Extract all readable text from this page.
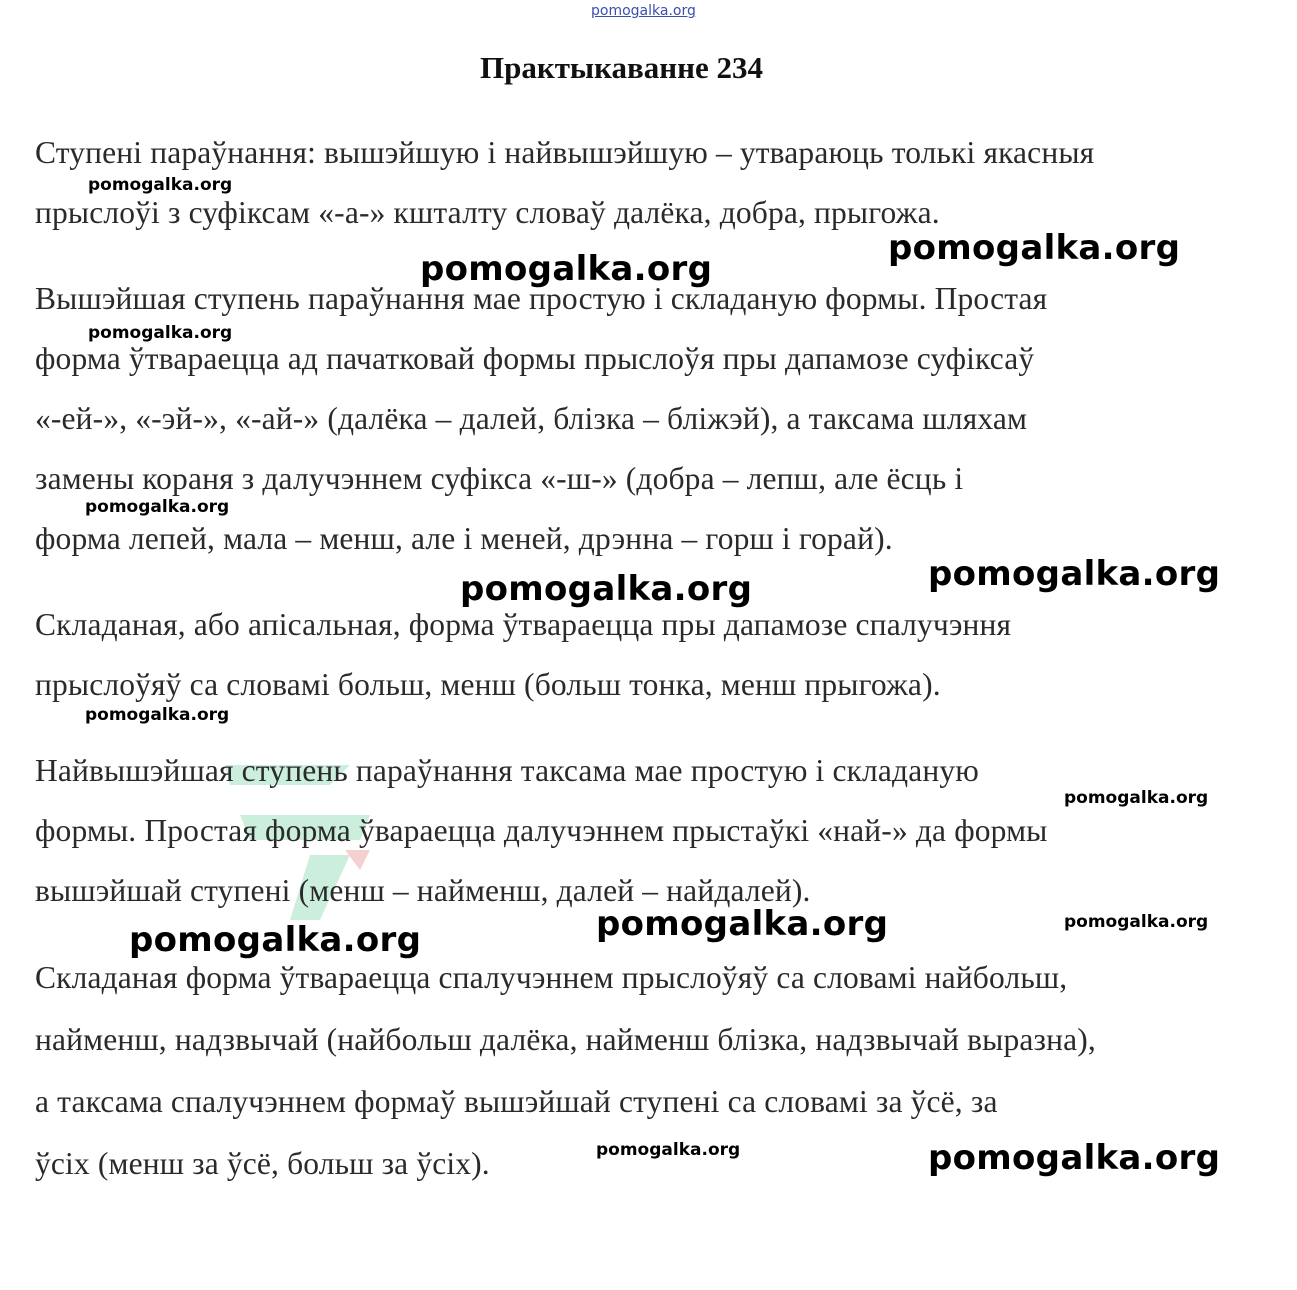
pomogalka.org
Практыкаванне 234
Ступені параўнання: вышэйшую і найвышэйшую – утвараюць толькі якасныя
прыслоўі з суфіксам «-а-» кшталту словаў далёка, добра, прыгожа.
Вышэйшая ступень параўнання мае простую і складаную формы. Простая
форма ўтвараецца ад пачатковай формы прыслоўя пры дапамозе суфіксаў
«-ей-», «-эй-», «-ай-» (далёка – далей, блізка – бліжэй), а таксама шляхам
замены кораня з далучэннем суфікса «-ш-» (добра – лепш, але ёсць і
форма лепей, мала – менш, але і меней, дрэнна – горш і горай).
Складаная, або апісальная, форма ўтвараецца пры дапамозе спалучэння
прыслоўяў са словамі больш, менш (больш тонка, менш прыгожа).
Найвышэйшая ступень параўнання таксама мае простую і складаную
формы. Простая форма ўвараецца далучэннем прыстаўкі «най-» да формы
вышэйшай ступені (менш – найменш, далей – найдалей).
Складаная форма ўтвараецца спалучэннем прыслоўяў са словамі найбольш,
найменш, надзвычай (найбольш далёка, найменш блізка, надзвычай выразна),
а таксама спалучэннем формаў вышэйшай ступені са словамі за ўсё, за
ўсіх (менш за ўсё, больш за ўсіх).
pomogalka.org
pomogalka.org
pomogalka.org
pomogalka.org
pomogalka.org
pomogalka.org
pomogalka.org
pomogalka.org
pomogalka.org
pomogalka.org	pomogalka.org
pomogalka.org
pomogalka.org	pomogalka.org
